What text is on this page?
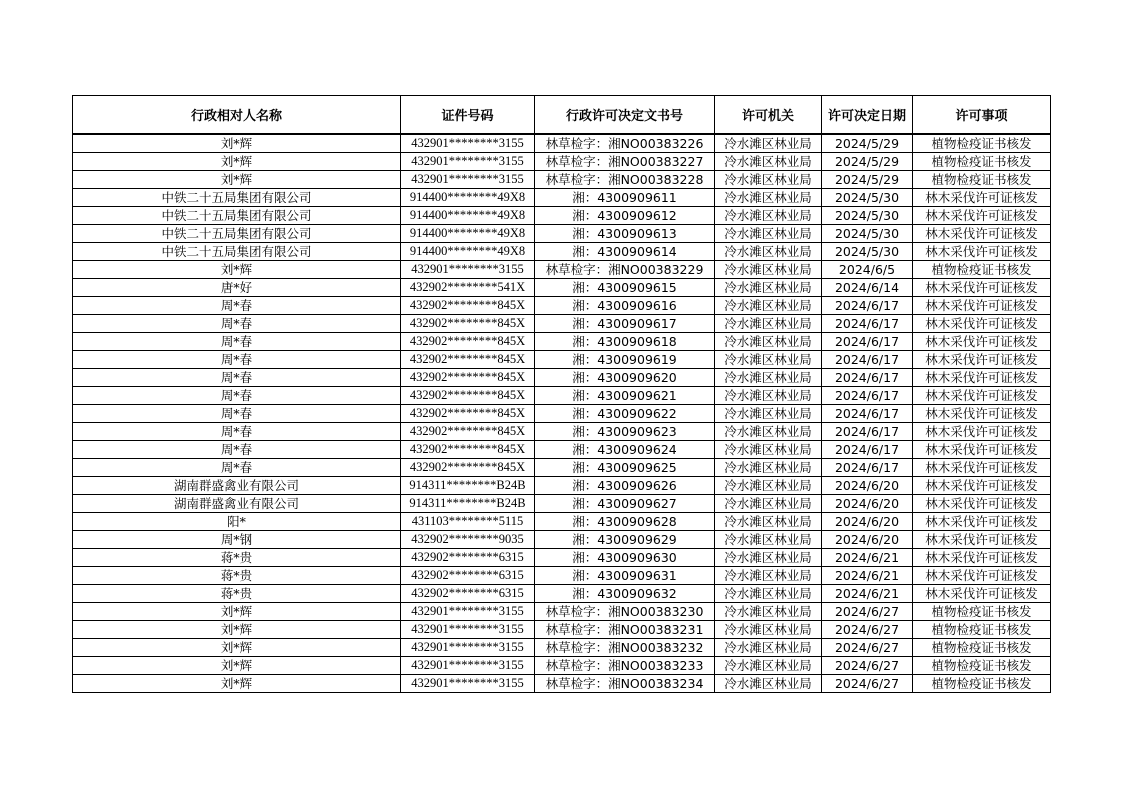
行政相对人名称	证件号码	行政许可决定文书号	许可机关	许可决定日期	许可事项
刘*辉	432901********3155	林草检字：湘NO00383226	冷水滩区林业局	2024/5/29	植物检疫证书核发
刘*辉	432901********3155	林草检字：湘NO00383227	冷水滩区林业局	2024/5/29	植物检疫证书核发
刘*辉	432901********3155	林草检字：湘NO00383228	冷水滩区林业局	2024/5/29	植物检疫证书核发
中铁二十五局集团有限公司	914400********49X8	湘：4300909611	冷水滩区林业局	2024/5/30	林木采伐许可证核发
中铁二十五局集团有限公司	914400********49X8	湘：4300909612	冷水滩区林业局	2024/5/30	林木采伐许可证核发
中铁二十五局集团有限公司	914400********49X8	湘：4300909613	冷水滩区林业局	2024/5/30	林木采伐许可证核发
中铁二十五局集团有限公司	914400********49X8	湘：4300909614	冷水滩区林业局	2024/5/30	林木采伐许可证核发
刘*辉	432901********3155	林草检字：湘NO00383229	冷水滩区林业局	2024/6/5	植物检疫证书核发
唐*好	432902********541X	湘：4300909615	冷水滩区林业局	2024/6/14	林木采伐许可证核发
周*春	432902********845X	湘：4300909616	冷水滩区林业局	2024/6/17	林木采伐许可证核发
周*春	432902********845X	湘：4300909617	冷水滩区林业局	2024/6/17	林木采伐许可证核发
周*春	432902********845X	湘：4300909618	冷水滩区林业局	2024/6/17	林木采伐许可证核发
周*春	432902********845X	湘：4300909619	冷水滩区林业局	2024/6/17	林木采伐许可证核发
周*春	432902********845X	湘：4300909620	冷水滩区林业局	2024/6/17	林木采伐许可证核发
周*春	432902********845X	湘：4300909621	冷水滩区林业局	2024/6/17	林木采伐许可证核发
周*春	432902********845X	湘：4300909622	冷水滩区林业局	2024/6/17	林木采伐许可证核发
周*春	432902********845X	湘：4300909623	冷水滩区林业局	2024/6/17	林木采伐许可证核发
周*春	432902********845X	湘：4300909624	冷水滩区林业局	2024/6/17	林木采伐许可证核发
周*春	432902********845X	湘：4300909625	冷水滩区林业局	2024/6/17	林木采伐许可证核发
湖南群盛禽业有限公司	914311********B24B	湘：4300909626	冷水滩区林业局	2024/6/20	林木采伐许可证核发
湖南群盛禽业有限公司	914311********B24B	湘：4300909627	冷水滩区林业局	2024/6/20	林木采伐许可证核发
阳*	431103********5115	湘：4300909628	冷水滩区林业局	2024/6/20	林木采伐许可证核发
周*钢	432902********9035	湘：4300909629	冷水滩区林业局	2024/6/20	林木采伐许可证核发
蒋*贵	432902********6315	湘：4300909630	冷水滩区林业局	2024/6/21	林木采伐许可证核发
蒋*贵	432902********6315	湘：4300909631	冷水滩区林业局	2024/6/21	林木采伐许可证核发
蒋*贵	432902********6315	湘：4300909632	冷水滩区林业局	2024/6/21	林木采伐许可证核发
刘*辉	432901********3155	林草检字：湘NO00383230	冷水滩区林业局	2024/6/27	植物检疫证书核发
刘*辉	432901********3155	林草检字：湘NO00383231	冷水滩区林业局	2024/6/27	植物检疫证书核发
刘*辉	432901********3155	林草检字：湘NO00383232	冷水滩区林业局	2024/6/27	植物检疫证书核发
刘*辉	432901********3155	林草检字：湘NO00383233	冷水滩区林业局	2024/6/27	植物检疫证书核发
刘*辉	432901********3155	林草检字：湘NO00383234	冷水滩区林业局	2024/6/27	植物检疫证书核发
